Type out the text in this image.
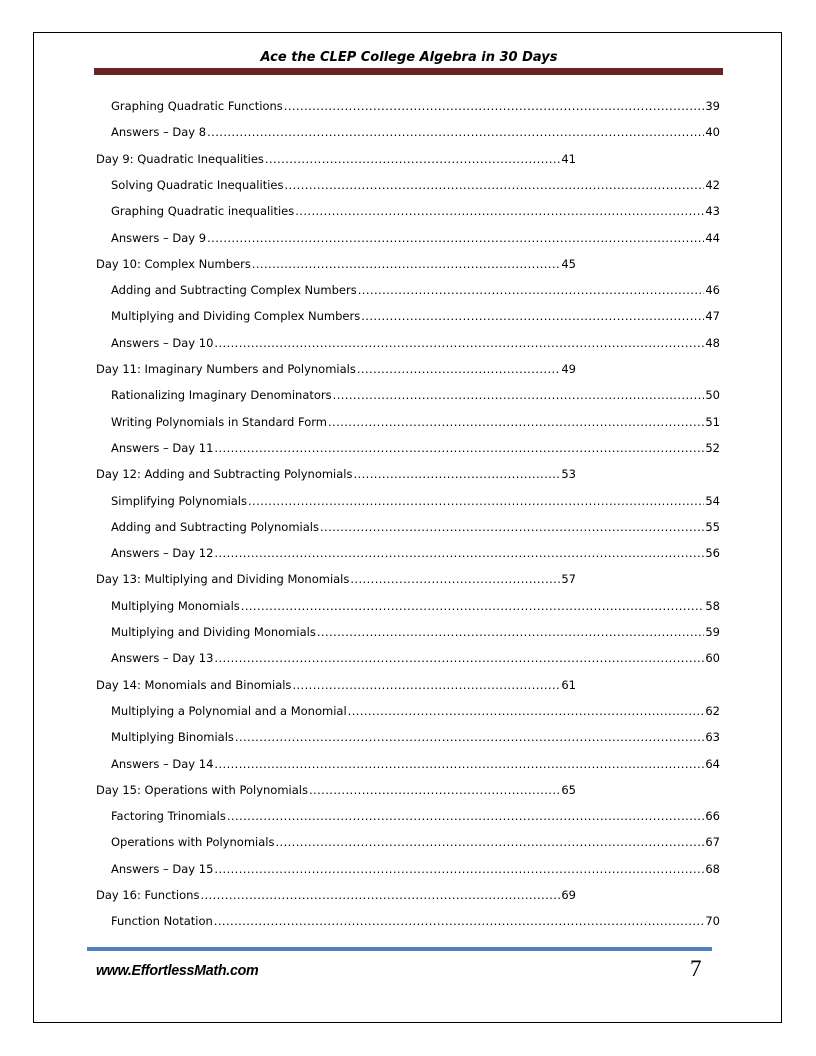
Ace the CLEP College Algebra in 30 Days
Graphing Quadratic Functions .....	39
Answers – Day 8 .....	40
Day 9: Quadratic Inequalities .....	41
Solving Quadratic Inequalities .....	42
Graphing Quadratic inequalities .....	43
Answers – Day 9 .....	44
Day 10: Complex Numbers .....	45
Adding and Subtracting Complex Numbers .....	46
Multiplying and Dividing Complex Numbers .....	47
Answers – Day 10 .....	48
Day 11: Imaginary Numbers and Polynomials .....	49
Rationalizing Imaginary Denominators .....	50
Writing Polynomials in Standard Form .....	51
Answers – Day 11 .....	52
Day 12: Adding and Subtracting Polynomials .....	53
Simplifying Polynomials .....	54
Adding and Subtracting Polynomials .....	55
Answers – Day 12 .....	56
Day 13: Multiplying and Dividing Monomials .....	57
Multiplying Monomials .....	58
Multiplying and Dividing Monomials .....	59
Answers – Day 13 .....	60
Day 14: Monomials and Binomials .....	61
Multiplying a Polynomial and a Monomial .....	62
Multiplying Binomials .....	63
Answers – Day 14 .....	64
Day 15: Operations with Polynomials .....	65
Factoring Trinomials .....	66
Operations with Polynomials .....	67
Answers – Day 15 .....	68
Day 16: Functions .....	69
Function Notation .....	70
www.EffortlessMath.com	7
